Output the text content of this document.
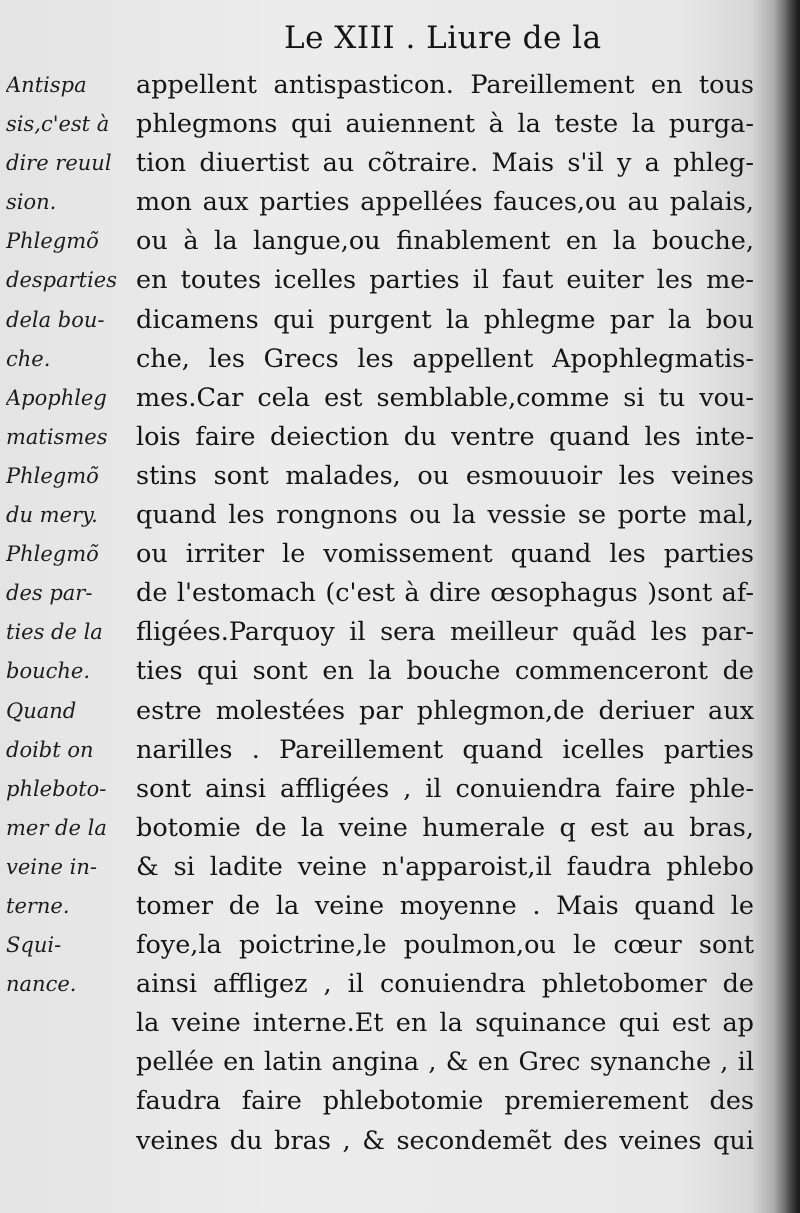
Le XIII . Liure de la
Antispa
sis,c'est à
dire reuul
sion.
Phlegmõ
desparties
dela bou-
che.
Apophleg
matismes
Phlegmõ
du mery.
Phlegmõ
des par-
ties de la
bouche.
Quand
doibt on
phleboto-
mer de la
veine in-
terne.
Squi-
nance.
appellent antispasticon. Pareillement en tous
phlegmons qui auiennent à la teste la purga-
tion diuertist au cõtraire. Mais s'il y a phleg-
mon aux parties appellées fauces,ou au palais,
ou à la langue,ou finablement en la bouche,
en toutes icelles parties il faut euiter les me-
dicamens qui purgent la phlegme par la bou
che, les Grecs les appellent Apophlegmatis-
mes.Car cela est semblable,comme si tu vou-
lois faire deiection du ventre quand les inte-
stins sont malades, ou esmouuoir les veines
quand les rongnons ou la vessie se porte mal,
ou irriter le vomissement quand les parties
de l'estomach (c'est à dire œsophagus )sont af-
fligées.Parquoy il sera meilleur quãd les par-
ties qui sont en la bouche commenceront de
estre molestées par phlegmon,de deriuer aux
narilles . Pareillement quand icelles parties
sont ainsi affligées , il conuiendra faire phle-
botomie de la veine humerale q est au bras,
& si ladite veine n'apparoist,il faudra phlebo
tomer de la veine moyenne . Mais quand le
foye,la poictrine,le poulmon,ou le cœur sont
ainsi affligez , il conuiendra phletobomer de
la veine interne.Et en la squinance qui est ap
pellée en latin angina , & en Grec synanche , il
faudra faire phlebotomie premierement des
veines du bras , & secondemẽt des veines qui
